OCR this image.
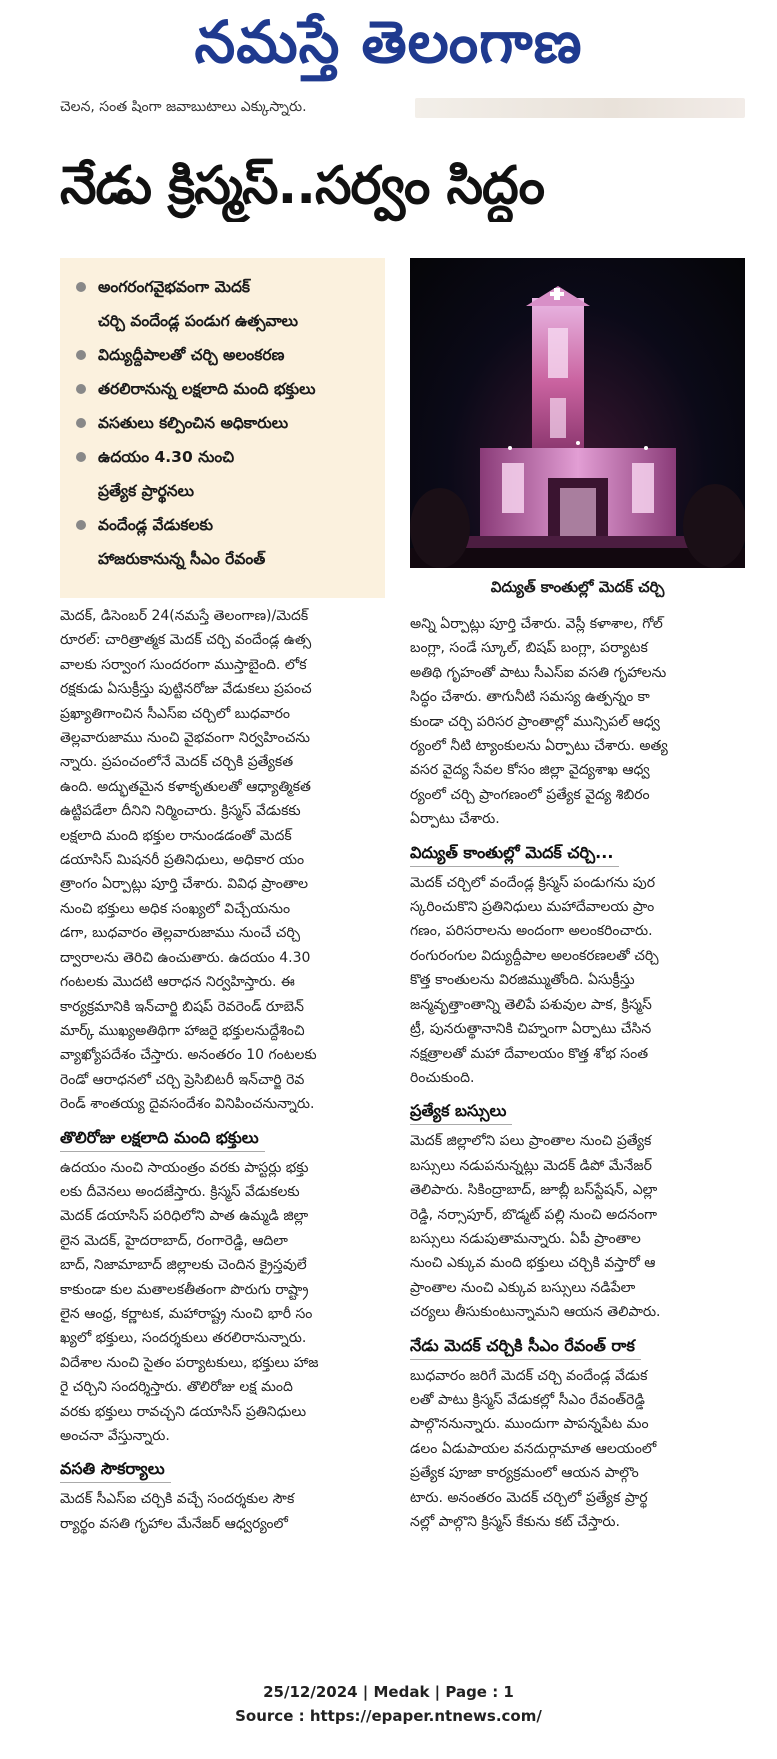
నమస్తే తెలంగాణ
చెలన, సంత షింగా జవాబుటాలు ఎక్కుస్నారు.
నేడు క్రిస్మస్..సర్వం సిద్ధం
అంగరంగవైభవంగా మెదక్
చర్చి వందేండ్ల పండుగ ఉత్సవాలు
విద్యుద్దీపాలతో చర్చి అలంకరణ
తరలిరానున్న లక్షలాది మంది భక్తులు
వసతులు కల్పించిన అధికారులు
ఉదయం 4.30 నుంచి
ప్రత్యేక ప్రార్థనలు
వందేండ్ల వేడుకలకు
హాజరుకానున్న సీఎం రేవంత్
విద్యుత్ కాంతుల్లో మెదక్ చర్చి

మెదక్, డిసెంబర్ 24(నమస్తే తెలంగాణ)/మెదక్

రూరల్: చారిత్రాత్మక మెదక్ చర్చి వందేండ్ల ఉత్స

వాలకు సర్వాంగ సుందరంగా ముస్తాబైంది. లోక

రక్షకుడు ఏసుక్రీస్తు పుట్టినరోజు వేడుకలు ప్రపంచ

ప్రఖ్యాతిగాంచిన సీఎస్ఐ చర్చిలో బుధవారం

తెల్లవారుజాము నుంచి వైభవంగా నిర్వహించను

న్నారు. ప్రపంచంలోనే మెదక్ చర్చికి ప్రత్యేకత

ఉంది. అద్భుతమైన కళాకృతులతో ఆధ్యాత్మికత

ఉట్టిపడేలా దీనిని నిర్మించారు. క్రిస్మస్ వేడుకకు

లక్షలాది మంది భక్తుల రానుండడంతో మెదక్

డయాసిస్ మిషనరీ ప్రతినిధులు, అధికార యం

త్రాంగం ఏర్పాట్లు పూర్తి చేశారు. వివిధ ప్రాంతాల

నుంచి భక్తులు అధిక సంఖ్యలో విచ్చేయనుం

డగా, బుధవారం తెల్లవారుజాము నుంచే చర్చి

ద్వారాలను తెరిచి ఉంచుతారు. ఉదయం 4.30

గంటలకు మొదటి ఆరాధన నిర్వహిస్తారు. ఈ

కార్యక్రమానికి ఇన్‌చార్జి బిషప్ రెవరెండ్ రూబెన్

మార్క్ ముఖ్యఅతిథిగా హాజరై భక్తులనుద్దేశించి

వ్యాఖ్యోపదేశం చేస్తారు. అనంతరం 10 గంటలకు

రెండో ఆరాధనలో చర్చి ప్రెసిబిటరీ ఇన్‌చార్జి రెవ

రెండ్ శాంతయ్య దైవసందేశం వినిపించనున్నారు.

తొలిరోజు లక్షలాది మంది భక్తులు

ఉదయం నుంచి సాయంత్రం వరకు పాస్టర్లు భక్తు

లకు దీవెనలు అందజేస్తారు. క్రిస్మస్ వేడుకలకు

మెదక్ డయాసిస్ పరిధిలోని పాత ఉమ్మడి జిల్లా

లైన మెదక్, హైదరాబాద్, రంగారెడ్డి, ఆదిలా

బాద్, నిజామాబాద్ జిల్లాలకు చెందిన క్రైస్తవులే

కాకుండా కుల మతాలకతీతంగా పొరుగు రాష్ట్రా

లైన ఆంధ్ర, కర్ణాటక, మహారాష్ట్ర నుంచి భారీ సం

ఖ్యలో భక్తులు, సందర్శకులు తరలిరానున్నారు.

విదేశాల నుంచి సైతం పర్యాటకులు, భక్తులు హాజ

రై చర్చిని సందర్శిస్తారు. తొలిరోజు లక్ష మంది

వరకు భక్తులు రావచ్చని డయాసిస్ ప్రతినిధులు

అంచనా వేస్తున్నారు.

వసతి సౌకర్యాలు

మెదక్ సీఎస్ఐ చర్చికి వచ్చే సందర్శకుల సౌక

ర్యార్థం వసతి గృహాల మేనేజర్ ఆధ్వర్యంలో

అన్ని ఏర్పాట్లు పూర్తి చేశారు. వెస్లీ కళాశాల, గోల్

బంగ్లా, సండే స్కూల్, బిషప్ బంగ్లా, పర్యాటక

అతిథి గృహంతో పాటు సీఎస్ఐ వసతి గృహాలను

సిద్ధం చేశారు. తాగునీటి సమస్య ఉత్పన్నం కా

కుండా చర్చి పరిసర ప్రాంతాల్లో మున్సిపల్ ఆధ్వ

ర్యంలో నీటి ట్యాంకులను ఏర్పాటు చేశారు. అత్య

వసర వైద్య సేవల కోసం జిల్లా వైద్యశాఖ ఆధ్వ

ర్యంలో చర్చి ప్రాంగణంలో ప్రత్యేక వైద్య శిబిరం

ఏర్పాటు చేశారు.

విద్యుత్ కాంతుల్లో మెదక్ చర్చి...

మెదక్ చర్చిలో వందేండ్ల క్రిస్మస్ పండుగను పుర

స్కరించుకొని ప్రతినిధులు మహాదేవాలయ ప్రాం

గణం, పరిసరాలను అందంగా అలంకరించారు.

రంగురంగుల విద్యుద్దీపాల అలంకరణలతో చర్చి

కొత్త కాంతులను విరజిమ్ముతోంది. ఏసుక్రీస్తు

జన్మవృత్తాంతాన్ని తెలిపే పశువుల పాక, క్రిస్మస్

ట్రీ, పునరుత్థానానికి చిహ్నంగా ఏర్పాటు చేసిన

నక్షత్రాలతో మహా దేవాలయం కొత్త శోభ సంత

రించుకుంది.

ప్రత్యేక బస్సులు

మెదక్ జిల్లాలోని పలు ప్రాంతాల నుంచి ప్రత్యేక

బస్సులు నడుపనున్నట్లు మెదక్ డిపో మేనేజర్

తెలిపారు. సికింద్రాబాద్, జూబ్లీ బస్‌స్టేషన్, ఎల్లా

రెడ్డి, నర్సాపూర్, బొడ్మట్ పల్లి నుంచి అదనంగా

బస్సులు నడుపుతామన్నారు. ఏపీ ప్రాంతాల

నుంచి ఎక్కువ మంది భక్తులు చర్చికి వస్తారో ఆ

ప్రాంతాల నుంచి ఎక్కువ బస్సులు నడిపేలా

చర్యలు తీసుకుంటున్నామని ఆయన తెలిపారు.

నేడు మెదక్ చర్చికి సీఎం రేవంత్ రాక

బుధవారం జరిగే మెదక్ చర్చి వందేండ్ల వేడుక

లతో పాటు క్రిస్మస్ వేడుకల్లో సీఎం రేవంత్‌రెడ్డి

పాల్గొననున్నారు. ముందుగా పాపన్నపేట మం

డలం ఏడుపాయల వనదుర్గామాత ఆలయంలో

ప్రత్యేక పూజా కార్యక్రమంలో ఆయన పాల్గొం

టారు. అనంతరం మెదక్ చర్చిలో ప్రత్యేక ప్రార్థ

నల్లో పాల్గొని క్రిస్మస్ కేకును కట్ చేస్తారు.

25/12/2024 | Medak | Page : 1
Source : https://epaper.ntnews.com/
